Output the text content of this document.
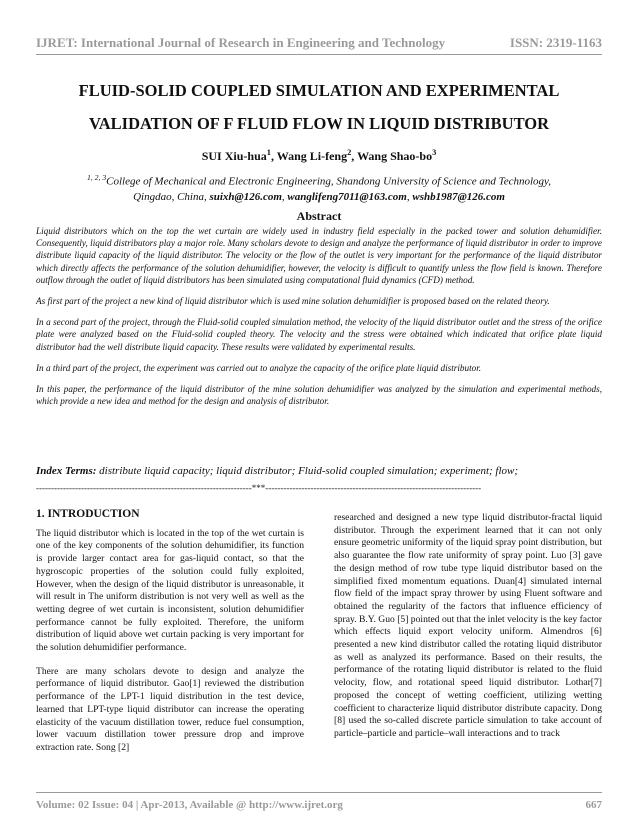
IJRET: International Journal of Research in Engineering and Technology	ISSN: 2319-1163
FLUID-SOLID COUPLED SIMULATION AND EXPERIMENTAL
VALIDATION OF F FLUID FLOW IN LIQUID DISTRIBUTOR
SUI Xiu-hua$^1$, Wang Li-feng$^2$, Wang Shao-$bo^3$
$^{1, 2, 3}$College of Mechanical and Electronic Engineering, Shandong University of Science and Technology,
Qingdao, China, suixh@126.com, wanglifeng7011@163.com, wshb1987@126.com
Abstract

Liquid distributors which on the top the wet curtain are widely used in industry field especially in the packed tower and solution dehumidifier. Consequently, liquid distributors play a major role. Many scholars devote to design and analyze the performance of liquid distributor in order to improve distribute liquid capacity of the liquid distributor. The velocity or the flow of the outlet is very important for the performance of the liquid distributor which directly affects the performance of the solution dehumidifier, however, the velocity is difficult to quantify unless the flow field is known. Therefore outflow through the outlet of liquid distributors has been simulated using computational fluid dynamics (CFD) method.

As first part of the project a new kind of liquid distributor which is used mine solution dehumidifier is proposed based on the related theory.

In a second part of the project, through the Fluid-solid coupled simulation method, the velocity of the liquid distributor outlet and the stress of the orifice plate were analyzed based on the Fluid-solid coupled theory. The velocity and the stress were obtained which indicated that orifice plate liquid distributor had the well distribute liquid capacity. These results were validated by experimental results.

In a third part of the project, the experiment was carried out to analyze the capacity of the orifice plate liquid distributor.

In this paper, the performance of the liquid distributor of the mine solution dehumidifier was analyzed by the simulation and experimental methods, which provide a new idea and method for the design and analysis of distributor.

Index Terms: distribute liquid capacity; liquid distributor; Fluid-solid coupled simulation; experiment; flow;
------------------------------------------------------------------------***------------------------------------------------------------------------
1. INTRODUCTION

The liquid distributor which is located in the top of the wet curtain is one of the key components of the solution dehumidifier, its function is provide larger contact area for gas-liquid contact, so that the hygroscopic properties of the solution could fully exploited, However, when the design of the liquid distributor is unreasonable, it will result in The uniform distribution is not very well as well as the wetting degree of wet curtain is inconsistent, solution dehumidifier performance cannot be fully exploited. Therefore, the uniform distribution of liquid above wet curtain packing is very important for the solution dehumidifier performance.

There are many scholars devote to design and analyze the performance of liquid distributor. Gao[1] reviewed the distribution performance of the LPT-1 liquid distribution in the test device, learned that LPT-type liquid distributor can increase the operating elasticity of the vacuum distillation tower, reduce fuel consumption, lower vacuum distillation tower pressure drop and improve extraction rate. Song [2]

researched and designed a new type liquid distributor-fractal liquid distributor. Through the experiment learned that it can not only ensure geometric uniformity of the liquid spray point distribution, but also guarantee the flow rate uniformity of spray point. Luo [3] gave the design method of row tube type liquid distributor based on the simplified fixed momentum equations. Duan[4] simulated internal flow field of the impact spray thrower by using Fluent software and obtained the regularity of the factors that influence efficiency of spray. B.Y. Guo [5] pointed out that the inlet velocity is the key factor which effects liquid export velocity uniform. Almendros [6] presented a new kind distributor called the rotating liquid distributor as well as analyzed its performance. Based on their results, the performance of the rotating liquid distributor is related to the fluid velocity, flow, and rotational speed liquid distributor. Lothar[7] proposed the concept of wetting coefficient, utilizing wetting coefficient to characterize liquid distributor distribute capacity. Dong [8] used the so-called discrete particle simulation to take account of particle–particle and particle–wall interactions and to track

Volume: 02 Issue: 04 | Apr-2013, Available @ http://www.ijret.org	667
